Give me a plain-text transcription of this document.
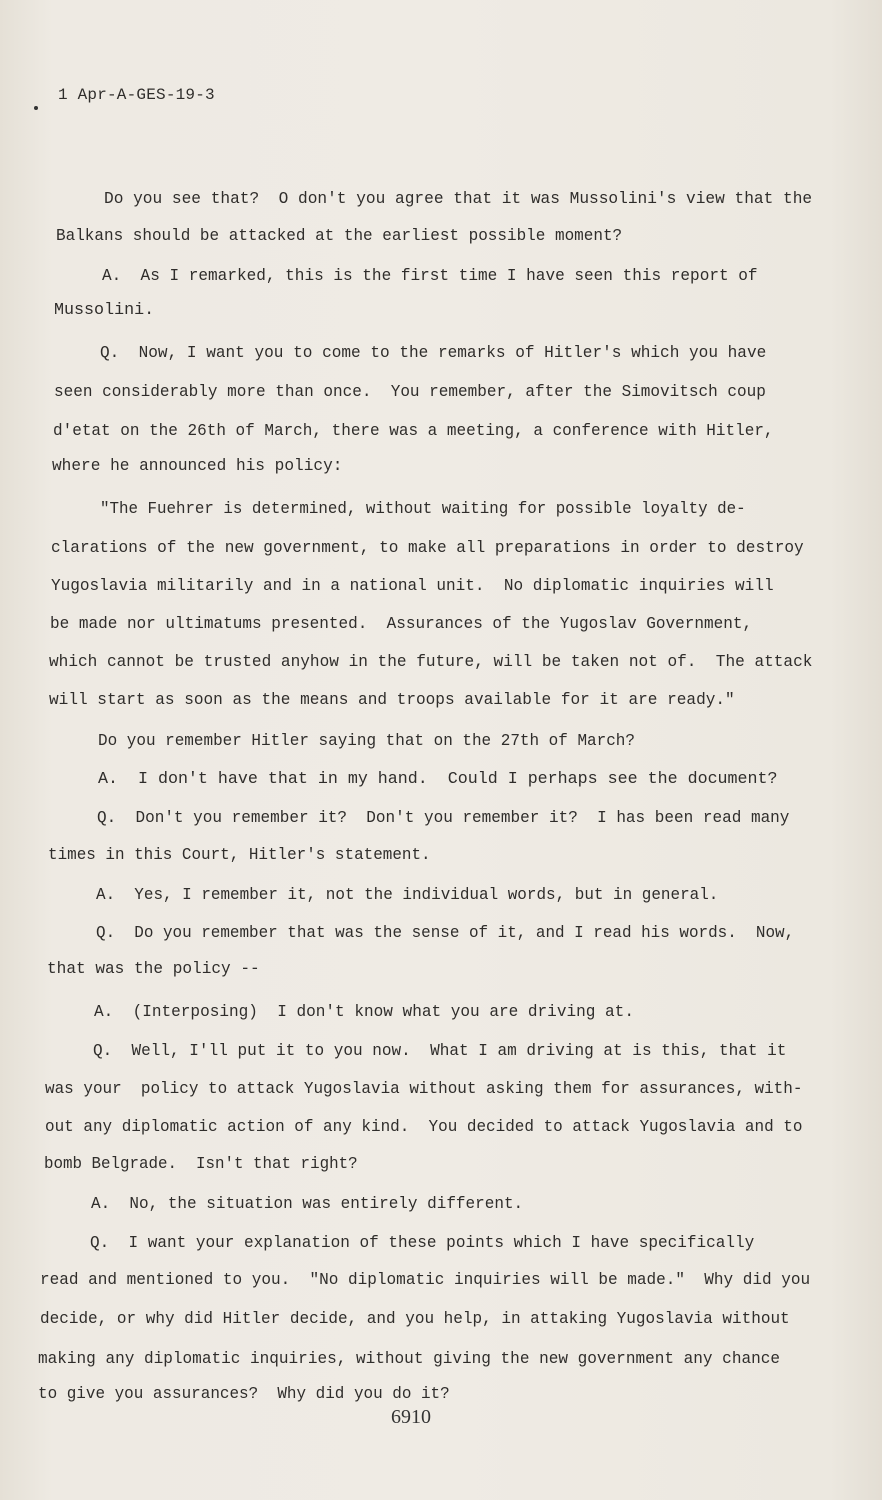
1 Apr-A-GES-19-3
Do you see that?  O don't you agree that it was Mussolini's view that the
Balkans should be attacked at the earliest possible moment?
A.  As I remarked, this is the first time I have seen this report of
Mussolini.
Q.  Now, I want you to come to the remarks of Hitler's which you have
seen considerably more than once.  You remember, after the Simovitsch coup
d'etat on the 26th of March, there was a meeting, a conference with Hitler,
where he announced his policy:
"The Fuehrer is determined, without waiting for possible loyalty de-
clarations of the new government, to make all preparations in order to destroy
Yugoslavia militarily and in a national unit.  No diplomatic inquiries will
be made nor ultimatums presented.  Assurances of the Yugoslav Government,
which cannot be trusted anyhow in the future, will be taken not of.  The attack
will start as soon as the means and troops available for it are ready."
Do you remember Hitler saying that on the 27th of March?
A.  I don't have that in my hand.  Could I perhaps see the document?
Q.  Don't you remember it?  Don't you remember it?  I has been read many
times in this Court, Hitler's statement.
A.  Yes, I remember it, not the individual words, but in general.
Q.  Do you remember that was the sense of it, and I read his words.  Now,
that was the policy --
A.  (Interposing)  I don't know what you are driving at.
Q.  Well, I'll put it to you now.  What I am driving at is this, that it
was your  policy to attack Yugoslavia without asking them for assurances, with-
out any diplomatic action of any kind.  You decided to attack Yugoslavia and to
bomb Belgrade.  Isn't that right?
A.  No, the situation was entirely different.
Q.  I want your explanation of these points which I have specifically
read and mentioned to you.  "No diplomatic inquiries will be made."  Why did you
decide, or why did Hitler decide, and you help, in attaking Yugoslavia without
making any diplomatic inquiries, without giving the new government any chance
to give you assurances?  Why did you do it?
6910
